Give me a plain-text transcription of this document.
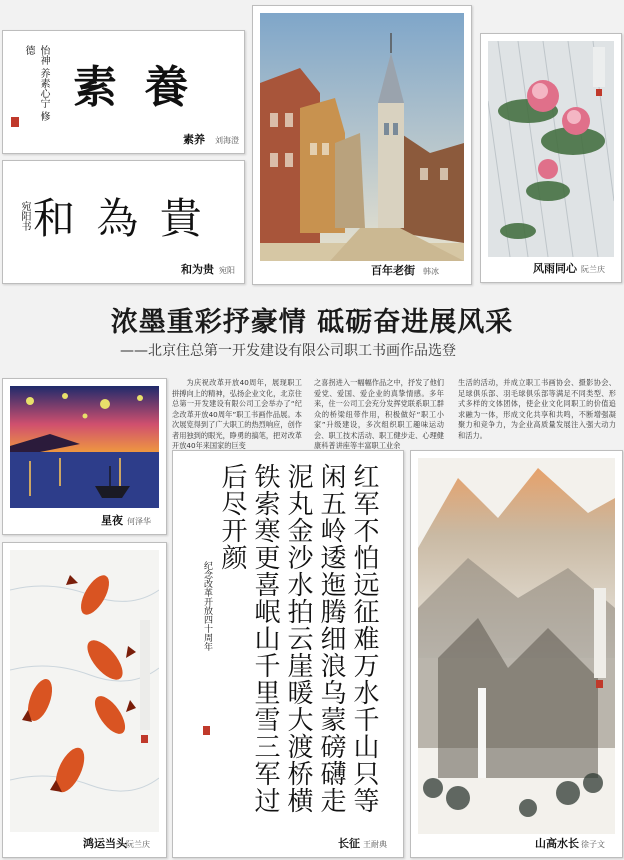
素 養
怡神 养素心宁 修德
素养 刘海澄
和 為 貴
宛阳书
和为贵 宛阳	百年老街 韩冰	风雨同心 阮兰庆
浓墨重彩抒豪情 砥砺奋进展风采
——北京住总第一开发建设有限公司职工书画作品选登
为庆祝改革开放40周年，展现职工拼搏向上的精神，弘扬企业文化，北京住总第一开发建设有限公司工会举办了“纪念改革开放40周年”职工书画作品展。本次展览得到了广大职工的热烈响应，创作者用独到的眼光，睁勇的搞笔，把对改革开放40年来国家的巨变
之喜拐进入一幅幅作品之中，抒发了他们爱党、爱国、爱企业的真挚情感。多年来，住一公司工会充分发挥党联系职工群众的桥梁纽带作用，积极做好“职工小家”升级建设，多次组织职工趣味运动会、职工技术活动、职工健步走、心理健康科普讲座等丰富职工业余
生活的活动，并成立职工书画协会、摄影协会、足球俱乐部、羽毛球俱乐部等满足不同类型、形式多样的文体团体，使企业文化同职工的价值追求融为一体，形成文化共享和共鸣，不断增强凝聚力和竞争力，为企业高质量发展注入强大动力和活力。
星夜 何泽华
鸿运当头 阮兰庆
红军不怕远征难万水千山只等闲五岭逶迤腾细浪乌蒙磅礴走泥丸金沙水拍云崖暖大渡桥横铁索寒更喜岷山千里雪三军过后尽开颜
纪念改革开放四十周年
长征 王耐典	山高水长 徐子文
